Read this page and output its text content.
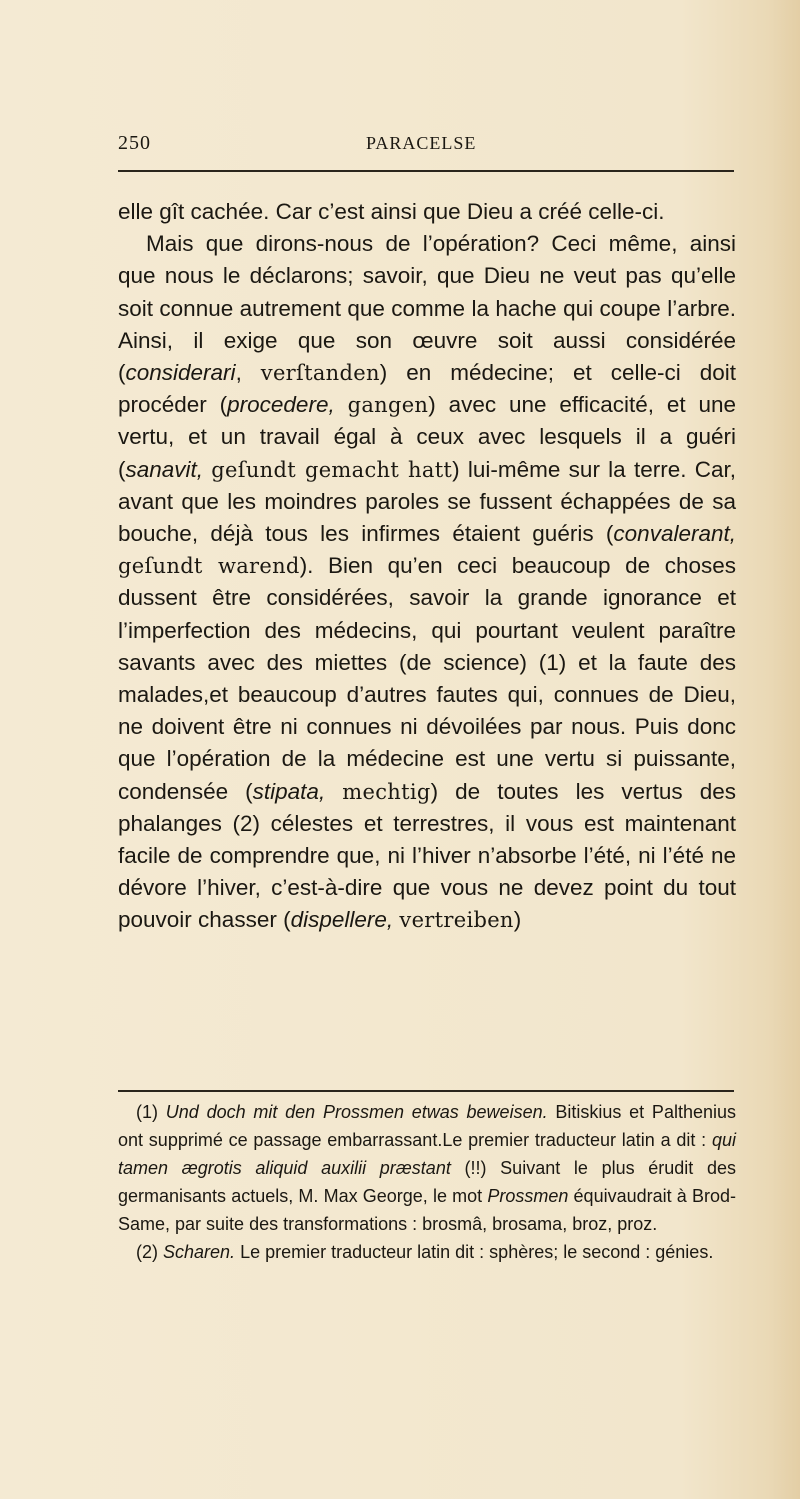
250	PARACELSE

elle gît cachée. Car c’est ainsi que Dieu a créé celle-ci.

Mais que dirons-nous de l’opération? Ceci même, ainsi que nous le déclarons; savoir, que Dieu ne veut pas qu’elle soit connue autrement que comme la hache qui coupe l’arbre. Ainsi, il exige que son œuvre soit aussi considérée (considerari, verſtanden) en médecine; et celle-ci doit procéder (procedere, gangen) avec une efficacité, et une vertu, et un travail égal à ceux avec lesquels il a guéri (sanavit, geſundt gemacht hatt) lui-même sur la terre. Car, avant que les moindres paroles se fussent échappées de sa bouche, déjà tous les infirmes étaient guéris (convalerant, geſundt warend). Bien qu’en ceci beaucoup de choses dussent être considérées, savoir la grande ignorance et l’imperfection des médecins, qui pourtant veulent paraître savants avec des miettes (de science) (1) et la faute des malades,et beaucoup d’autres fautes qui, connues de Dieu, ne doivent être ni connues ni dévoilées par nous. Puis donc que l’opération de la médecine est une vertu si puissante, condensée (stipata, mechtig) de toutes les vertus des phalanges (2) célestes et terrestres, il vous est maintenant facile de comprendre que, ni l’hiver n’absorbe l’été, ni l’été ne dévore l’hiver, c’est-à-dire que vous ne devez point du tout pouvoir chasser (dispellere, vertreiben)

(1) Und doch mit den Prossmen etwas beweisen. Bitiskius et Palthenius ont supprimé ce passage embarrassant.Le premier traducteur latin a dit : qui tamen ægrotis aliquid auxilii præstant (!!) Suivant le plus érudit des germanisants actuels, M. Max George, le mot Prossmen équivaudrait à Brod-Same, par suite des transformations : brosmâ, brosama, broz, proz.

(2) Scharen. Le premier traducteur latin dit : sphères; le second : génies.
